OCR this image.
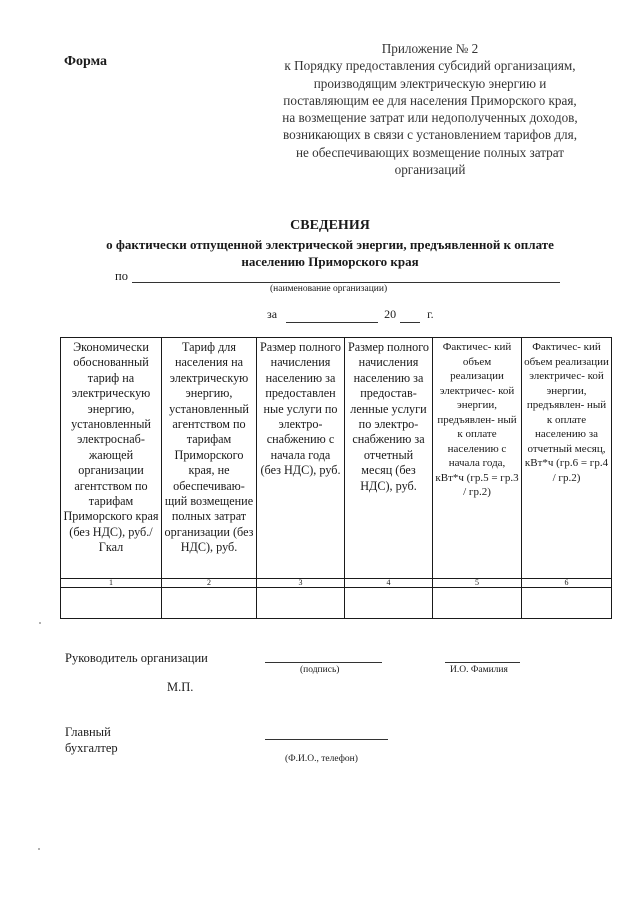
Форма
Приложение № 2
к Порядку предоставления субсидий организациям,
производящим электрическую энергию и
поставляющим ее для населения Приморского края,
на возмещение затрат или недополученных доходов,
возникающих в связи с установлением тарифов для,
не обеспечивающих возмещение полных затрат
организаций
СВЕДЕНИЯ
о фактически отпущенной электрической энергии, предъявленной к оплате
населению Приморского края
по
(наименование организации)
за	20	г.
Экономически обоснованный тариф на электрическую энергию, установленный электроснаб- жающей организации агентством по тарифам Приморского края (без НДС), руб./Гкал	Тариф для населения на электрическую энергию, установленный агентством по тарифам Приморского края, не обеспечиваю- щий возмещение полных затрат организации (без НДС), руб.	Размер полного начисления населению за предоставлен ные услуги по электро- снабжению с начала года (без НДС), руб.	Размер полного начисления населению за предостав- ленные услуги по электро- снабжению за отчетный месяц (без НДС), руб.	Фактичес- кий объем реализации электричес- кой энергии, предъявлен- ный к оплате населению с начала года, кВт*ч (гр.5 = гр.3 / гр.2)	Фактичес- кий объем реализации электричес- кой энергии, предъявлен- ный к оплате населению за отчетный месяц, кВт*ч (гр.6 = гр.4 / гр.2)
1	2	3	4	5	6

Руководитель организации
(подпись)	И.О. Фамилия
М.П.
Главный
бухгалтер
(Ф.И.О., телефон)
